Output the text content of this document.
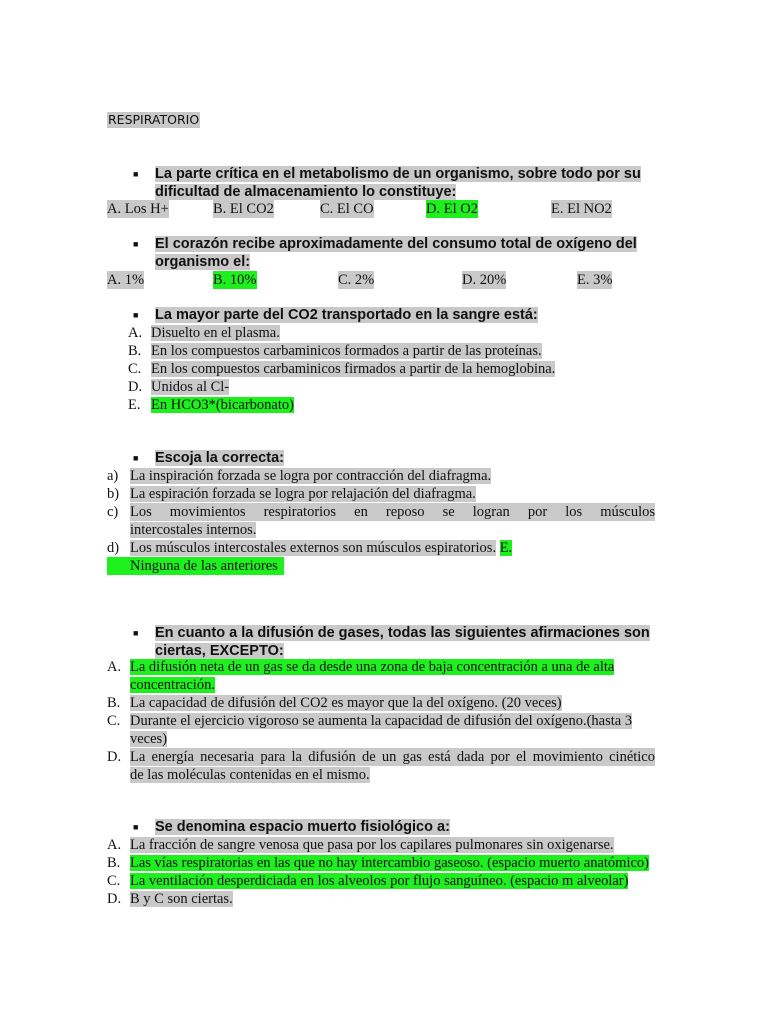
RESPIRATORIO
■ La parte crítica en el metabolismo de un organismo, sobre todo por su dificultad de almacenamiento lo constituye:
A. Los H+	B. El CO2	C. El CO	D. El O2	E. El NO2
■ El corazón recibe aproximadamente del consumo total de oxígeno del organismo el:
A. 1%	B. 10%	C. 2%	D. 20%	E. 3%
■ La mayor parte del CO2 transportado en la sangre está:
A. Disuelto en el plasma.
B. En los compuestos carbaminicos formados a partir de las proteínas.
C. En los compuestos carbaminicos firmados a partir de la hemoglobina.
D. Unidos al Cl-
E. En HCO3*(bicarbonato)
■ Escoja la correcta:
a) La inspiración forzada se logra por contracción del diafragma.
b) La espiración forzada se logra por relajación del diafragma.
c) Los movimientos respiratorios en reposo se logran por los músculos
intercostales internos.
d) Los músculos intercostales externos son músculos espiratorios. E.
Ninguna de las anteriores
■ En cuanto a la difusión de gases, todas las siguientes afirmaciones son ciertas, EXCEPTO:
A. La difusión neta de un gas se da desde una zona de baja concentración a una de alta
concentración.
B. La capacidad de difusión del CO2 es mayor que la del oxígeno. (20 veces)
C. Durante el ejercicio vigoroso se aumenta la capacidad de difusión del oxígeno.(hasta 3
veces)
D. La energía necesaria para la difusión de un gas está dada por el movimiento cinético
de las moléculas contenidas en el mismo.
■ Se denomina espacio muerto fisiológico a:
A. La fracción de sangre venosa que pasa por los capilares pulmonares sin oxigenarse.
B. Las vías respiratorias en las que no hay intercambio gaseoso. (espacio muerto anatómico)
C. La ventilación desperdiciada en los alveolos por flujo sanguíneo. (espacio m alveolar)
D. B y C son ciertas.
